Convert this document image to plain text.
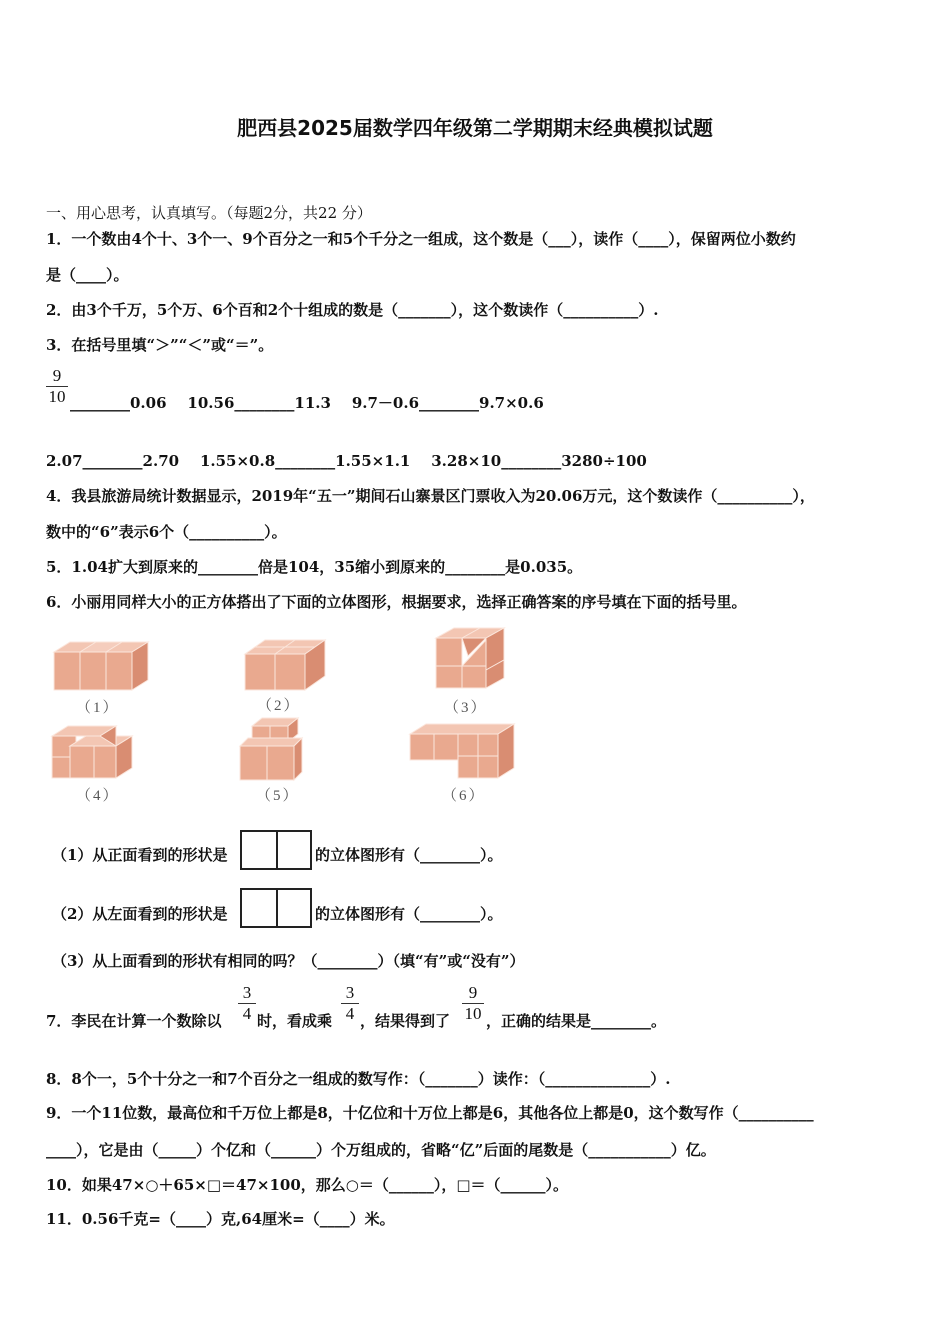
肥西县2025届数学四年级第二学期期末经典模拟试题
一、用心思考，认真填写。（每题2分，共22 分）
1．一个数由4个十、3个一、9个百分之一和5个千分之一组成，这个数是（___），读作（____），保留两位小数约
是（____）。
2．由3个千万，5个万、6个百和2个十组成的数是（_______），这个数读作（__________）.
3．在括号里填“＞”“＜”或“＝”。
$\frac{9}{10}$ ________0.06    10.56________11.3    9.7－0.6________9.7×0.6
2.07________2.70    1.55×0.8________1.55×1.1    3.28×10________3280÷100
4．我县旅游局统计数据显示，2019年“五一”期间石山寨景区门票收入为20.06万元，这个数读作（__________），
数中的“6”表示6个（__________）。
5．1.04扩大到原来的________倍是104，35缩小到原来的________是0.035。
6．小丽用同样大小的正方体搭出了下面的立体图形，根据要求，选择正确答案的序号填在下面的括号里。
（1）	（2）	（3）
（4）	（5）	（6）
（1）从正面看到的形状是	的立体图形有（________）。
（2）从左面看到的形状是	的立体图形有（________）。
（3）从上面看到的形状有相同的吗？（________）（填“有”或“没有”）
7．李民在计算一个数除以 $\frac{3}{4}$ 时，看成乘 $\frac{3}{4}$ ，结果得到了 $\frac{9}{10}$ ，正确的结果是________。
8．8个一，5个十分之一和7个百分之一组成的数写作：（_______）读作：（______________）.
9．一个11位数，最高位和千万位上都是8，十亿位和十万位上都是6，其他各位上都是0，这个数写作（__________
____），它是由（_____）个亿和（______）个万组成的，省略“亿”后面的尾数是（___________）亿。
10．如果47×○＋65×□＝47×100，那么○＝（______），□＝（______）。
11．0.56千克=（____）克,64厘米=（____）米。
